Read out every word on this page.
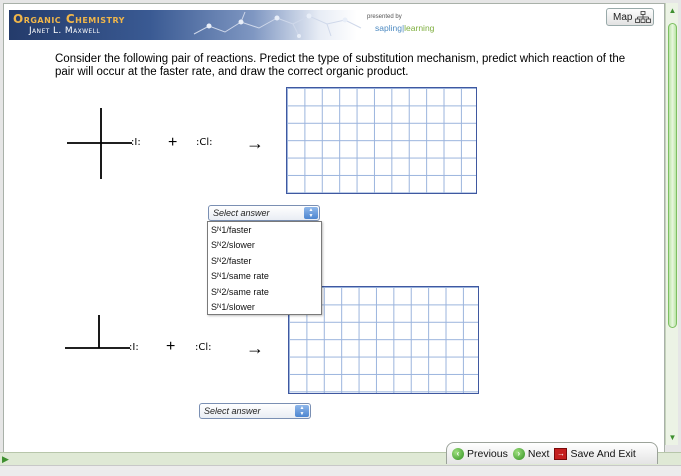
Organic Chemistry
Janet L. Maxwell
presented by
sapling|learning
Map
Consider the following pair of reactions. Predict the type of substitution mechanism, predict which reaction of the pair will occur at the faster rate, and draw the correct organic product.
:I: + :Cl: →
Select answer	▲
▼
:I: + :Cl: →
Select answer	▲
▼
S N 1/faster
S N 2/slower
S N 2/faster
S N 1/same rate
S N 2/same rate
S N 1/slower
▲
▼
▶
‹ Previous	› Next → Save And Exit
